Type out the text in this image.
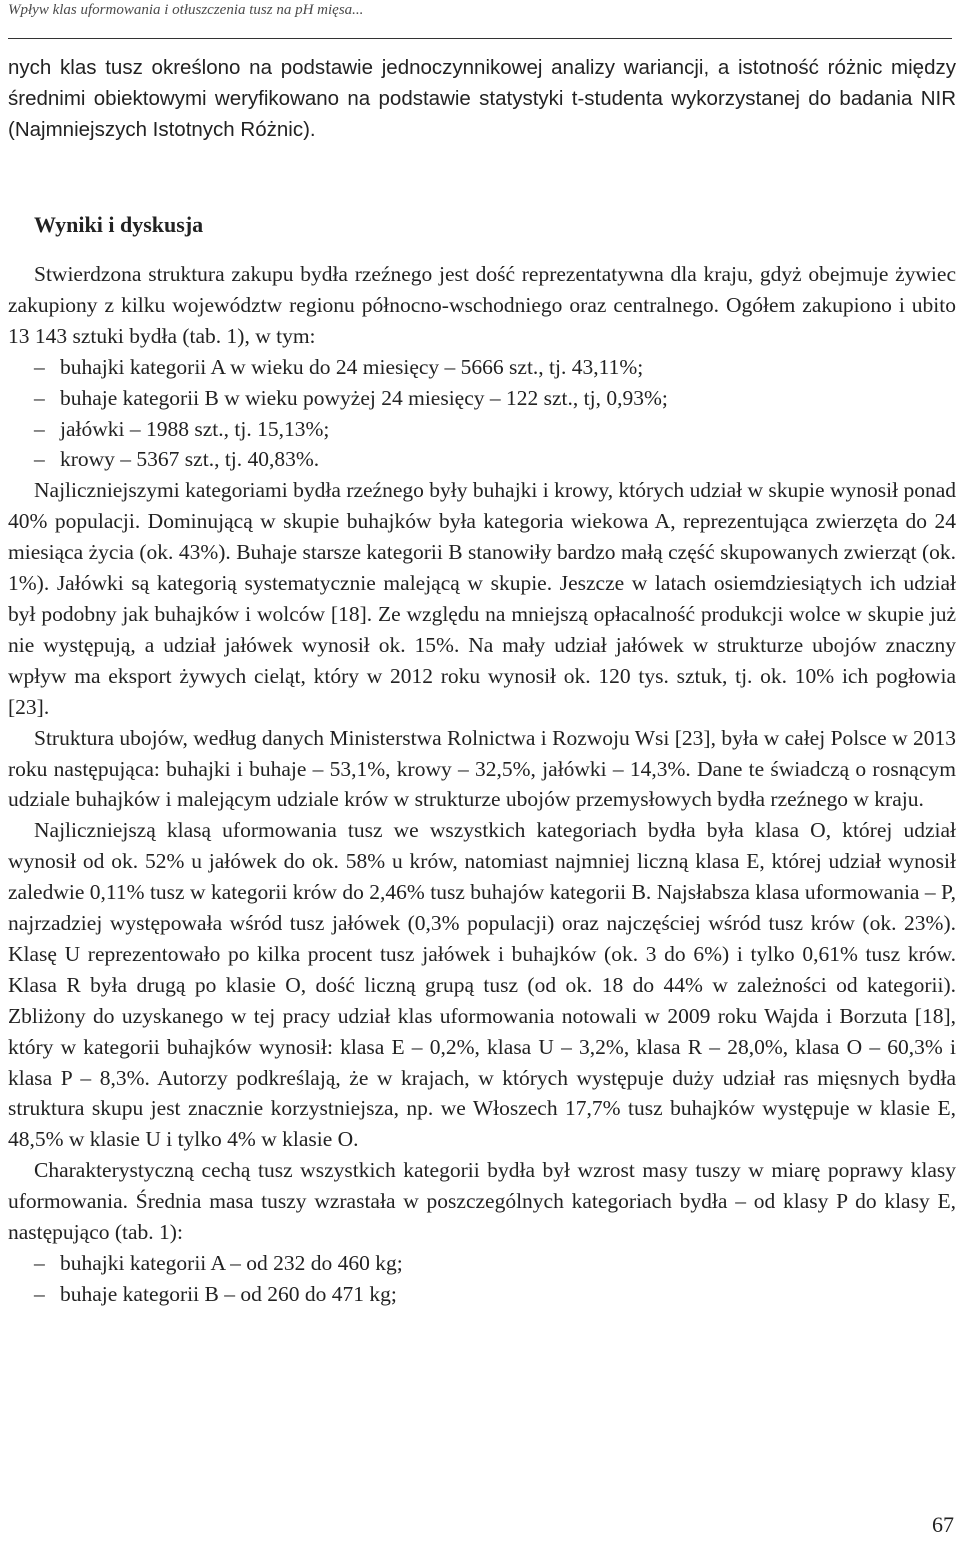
Wpływ klas uformowania i otłuszczenia tusz na pH mięsa...

nych klas tusz określono na podstawie jednoczynnikowej analizy wariancji, a istotność różnic między średnimi obiektowymi weryfikowano na podstawie statystyki t-studenta wykorzystanej do badania NIR (Najmniejszych Istotnych Różnic).

Wyniki i dyskusja

Stwierdzona struktura zakupu bydła rzeźnego jest dość reprezentatywna dla kraju, gdyż obejmuje żywiec zakupiony z kilku województw regionu północno-wschodniego oraz centralnego. Ogółem zakupiono i ubito 13 143 sztuki bydła (tab. 1), w tym:

– buhajki kategorii A w wieku do 24 miesięcy – 5666 szt., tj. 43,11%;
– buhaje kategorii B w wieku powyżej 24 miesięcy – 122 szt., tj, 0,93%;
– jałówki – 1988 szt., tj. 15,13%;
– krowy – 5367 szt., tj. 40,83%.

Najliczniejszymi kategoriami bydła rzeźnego były buhajki i krowy, których udział w skupie wynosił ponad 40% populacji. Dominującą w skupie buhajków była kategoria wiekowa A, reprezentująca zwierzęta do 24 miesiąca życia (ok. 43%). Buhaje starsze kategorii B stanowiły bardzo małą część skupowanych zwierząt (ok. 1%). Jałówki są kategorią systematycznie malejącą w skupie. Jeszcze w latach osiemdziesiątych ich udział był podobny jak buhajków i wolców [18]. Ze względu na mniejszą opłacalność produkcji wolce w skupie już nie występują, a udział jałówek wynosił ok. 15%. Na mały udział jałówek w strukturze ubojów znaczny wpływ ma eksport żywych cieląt, który w 2012 roku wynosił ok. 120 tys. sztuk, tj. ok. 10% ich pogłowia [23].

Struktura ubojów, według danych Ministerstwa Rolnictwa i Rozwoju Wsi [23], była w całej Polsce w 2013 roku następująca: buhajki i buhaje – 53,1%, krowy – 32,5%, jałówki – 14,3%. Dane te świadczą o rosnącym udziale buhajków i malejącym udziale krów w strukturze ubojów przemysłowych bydła rzeźnego w kraju.

Najliczniejszą klasą uformowania tusz we wszystkich kategoriach bydła była klasa O, której udział wynosił od ok. 52% u jałówek do ok. 58% u krów, natomiast najmniej liczną klasa E, której udział wynosił zaledwie 0,11% tusz w kategorii krów do 2,46% tusz buhajów kategorii B. Najsłabsza klasa uformowania – P, najrzadziej występowała wśród tusz jałówek (0,3% populacji) oraz najczęściej wśród tusz krów (ok. 23%). Klasę U reprezentowało po kilka procent tusz jałówek i buhajków (ok. 3 do 6%) i tylko 0,61% tusz krów. Klasa R była drugą po klasie O, dość liczną grupą tusz (od ok. 18 do 44% w zależności od kategorii). Zbliżony do uzyskanego w tej pracy udział klas uformowania notowali w 2009 roku Wajda i Borzuta [18], który w kategorii buhajków wynosił: klasa E – 0,2%, klasa U – 3,2%, klasa R – 28,0%, klasa O – 60,3% i klasa P – 8,3%. Autorzy podkreślają, że w krajach, w których występuje duży udział ras mięsnych bydła struktura skupu jest znacznie korzystniejsza, np. we Włoszech 17,7% tusz buhajków występuje w klasie E, 48,5% w klasie U i tylko 4% w klasie O.

Charakterystyczną cechą tusz wszystkich kategorii bydła był wzrost masy tuszy w miarę poprawy klasy uformowania. Średnia masa tuszy wzrastała w poszczególnych kategoriach bydła – od klasy P do klasy E, następująco (tab. 1):

– buhajki kategorii A – od 232 do 460 kg;
– buhaje kategorii B – od 260 do 471 kg;
67
